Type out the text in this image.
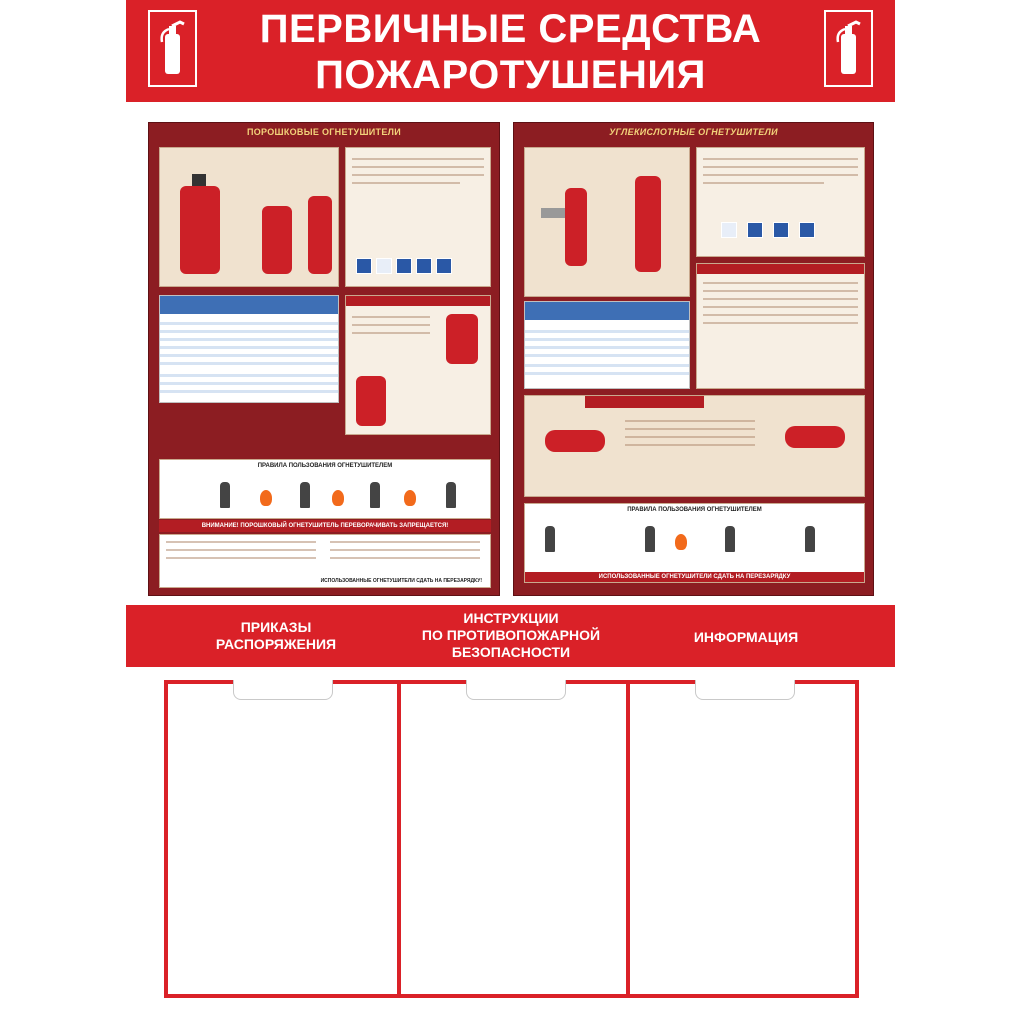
ПЕРВИЧНЫЕ СРЕДСТВА
ПОЖАРОТУШЕНИЯ
ПОРОШКОВЫЕ ОГНЕТУШИТЕЛИ
ПРАВИЛА ПОЛЬЗОВАНИЯ ОГНЕТУШИТЕЛЕМ
ВНИМАНИЕ! ПОРОШКОВЫЙ ОГНЕТУШИТЕЛЬ ПЕРЕВОРАЧИВАТЬ ЗАПРЕЩАЕТСЯ!
ИСПОЛЬЗОВАННЫЕ ОГНЕТУШИТЕЛИ СДАТЬ НА ПЕРЕЗАРЯДКУ!
УГЛЕКИСЛОТНЫЕ ОГНЕТУШИТЕЛИ
ПРАВИЛА ПОЛЬЗОВАНИЯ ОГНЕТУШИТЕЛЕМ
ИСПОЛЬЗОВАННЫЕ ОГНЕТУШИТЕЛИ СДАТЬ НА ПЕРЕЗАРЯДКУ
ПРИКАЗЫ
РАСПОРЯЖЕНИЯ
ИНСТРУКЦИИ
ПО ПРОТИВОПОЖАРНОЙ
БЕЗОПАСНОСТИ
ИНФОРМАЦИЯ
